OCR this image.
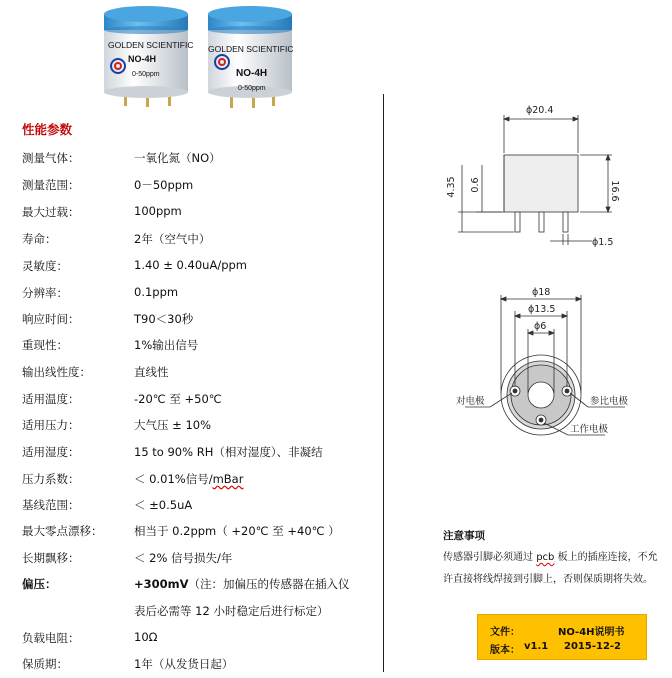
GOLDEN SCIENTIFIC
NO-4H
0-50ppm
GOLDEN SCIENTIFIC
NO-4H
0-50ppm
性能参数
测量气体：	一氧化氮（NO）
测量范围：	0－50ppm
最大过载：	100ppm
寿命：	2年（空气中）
灵敏度：	1.40 ± 0.40uA/ppm
分辨率：	0.1ppm
响应时间：	T90＜30秒
重现性：	1%输出信号
输出线性度：	直线性
适用温度：	-20℃ 至 +50℃
适用压力：	大气压 ± 10%
适用湿度：	15 to 90% RH（相对湿度）、非凝结
压力系数：	＜ 0.01%信号/mBar
基线范围：	＜ ±0.5uA
最大零点漂移：	相当于 0.2ppm（ +20℃ 至 +40℃ ）
长期飘移：	＜ 2% 信号损失/年
偏压：	+300mV（注：加偏压的传感器在插入仪
表后必需等 12 小时稳定后进行标定）
负载电阻：	10Ω
保质期：	1年（从发货日起）
ϕ20.4
16.6
4.35 0.6
ϕ1.5
ϕ18
ϕ13.5
ϕ6
对电极	参比电极
工作电极
注意事项
传感器引脚必须通过 pcb 板上的插座连接，不允
许直接将线焊接到引脚上，否则保质期将失效。
文件：	NO-4H说明书
版本： v1.1 2015-12-2
